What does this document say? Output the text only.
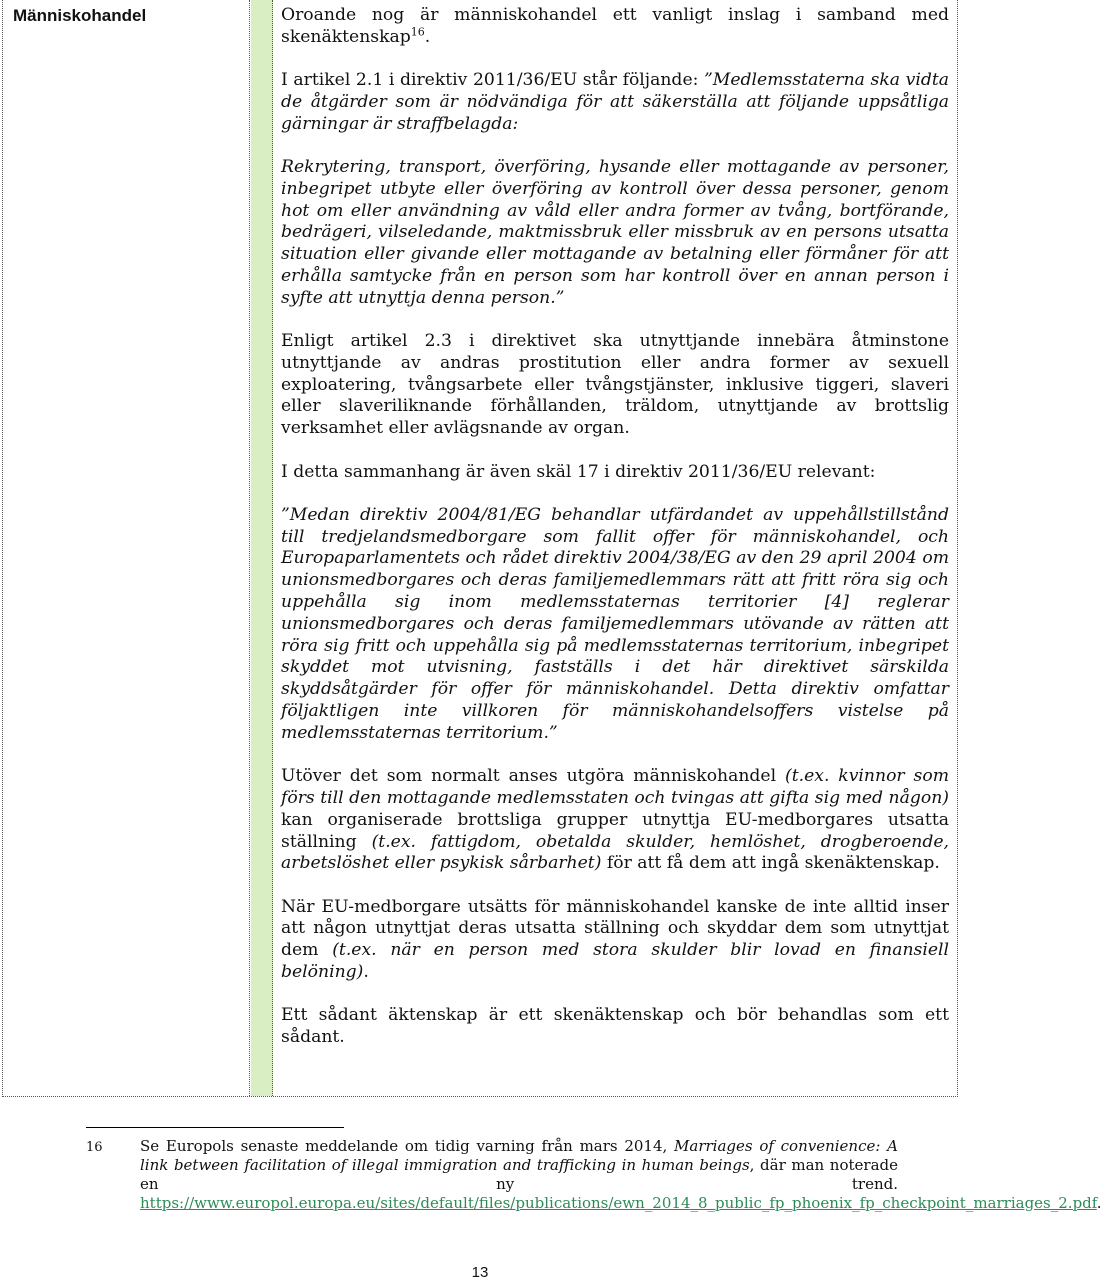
Människohandel	Oroande nog är människohandel ett vanligt inslag i samband med skenäktenskap$^{16}$.

I artikel 2.1 i direktiv 2011/36/EU står följande: ”Medlemsstaterna ska vidta de åtgärder som är nödvändiga för att säkerställa att följande uppsåtliga gärningar är straffbelagda:

Rekrytering, transport, överföring, hysande eller mottagande av personer, inbegripet utbyte eller överföring av kontroll över dessa personer, genom hot om eller användning av våld eller andra former av tvång, bortförande, bedrägeri, vilseledande, maktmissbruk eller missbruk av en persons utsatta situation eller givande eller mottagande av betalning eller förmåner för att erhålla samtycke från en person som har kontroll över en annan person i syfte att utnyttja denna person.”

Enligt artikel 2.3 i direktivet ska utnyttjande innebära åtminstone utnyttjande av andras prostitution eller andra former av sexuell exploatering, tvångsarbete eller tvångstjänster, inklusive tiggeri, slaveri eller slaveriliknande förhållanden, träldom, utnyttjande av brottslig verksamhet eller avlägsnande av organ.

I detta sammanhang är även skäl 17 i direktiv 2011/36/EU relevant:

”Medan direktiv 2004/81/EG behandlar utfärdandet av uppehållstillstånd till tredjelandsmedborgare som fallit offer för människohandel, och Europaparlamentets och rådet direktiv 2004/38/EG av den 29 april 2004 om unionsmedborgares och deras familjemedlemmars rätt att fritt röra sig och uppehålla sig inom medlemsstaternas territorier [4] reglerar unionsmedborgares och deras familjemedlemmars utövande av rätten att röra sig fritt och uppehålla sig på medlemsstaternas territorium, inbegripet skyddet mot utvisning, fastställs i det här direktivet särskilda skyddsåtgärder för offer för människohandel. Detta direktiv omfattar följaktligen inte villkoren för människohandelsoffers vistelse på medlemsstaternas territorium.”

Utöver det som normalt anses utgöra människohandel (t.ex. kvinnor som förs till den mottagande medlemsstaten och tvingas att gifta sig med någon) kan organiserade brottsliga grupper utnyttja EU-medborgares utsatta ställning (t.ex. fattigdom, obetalda skulder, hemlöshet, drogberoende, arbetslöshet eller psykisk sårbarhet) för att få dem att ingå skenäktenskap.

När EU-medborgare utsätts för människohandel kanske de inte alltid inser att någon utnyttjat deras utsatta ställning och skyddar dem som utnyttjat dem (t.ex. när en person med stora skulder blir lovad en finansiell belöning).

Ett sådant äktenskap är ett skenäktenskap och bör behandlas som ett sådant.

16 Se Europols senaste meddelande om tidig varning från mars 2014, Marriages of convenience: A link between facilitation of illegal immigration and trafficking in human beings, där man noterade en ny trend. https://www.europol.europa.eu/sites/default/files/publications/ewn_2014_8_public_fp_phoenix_fp_checkpoint_marriages_2.pdf.
13
